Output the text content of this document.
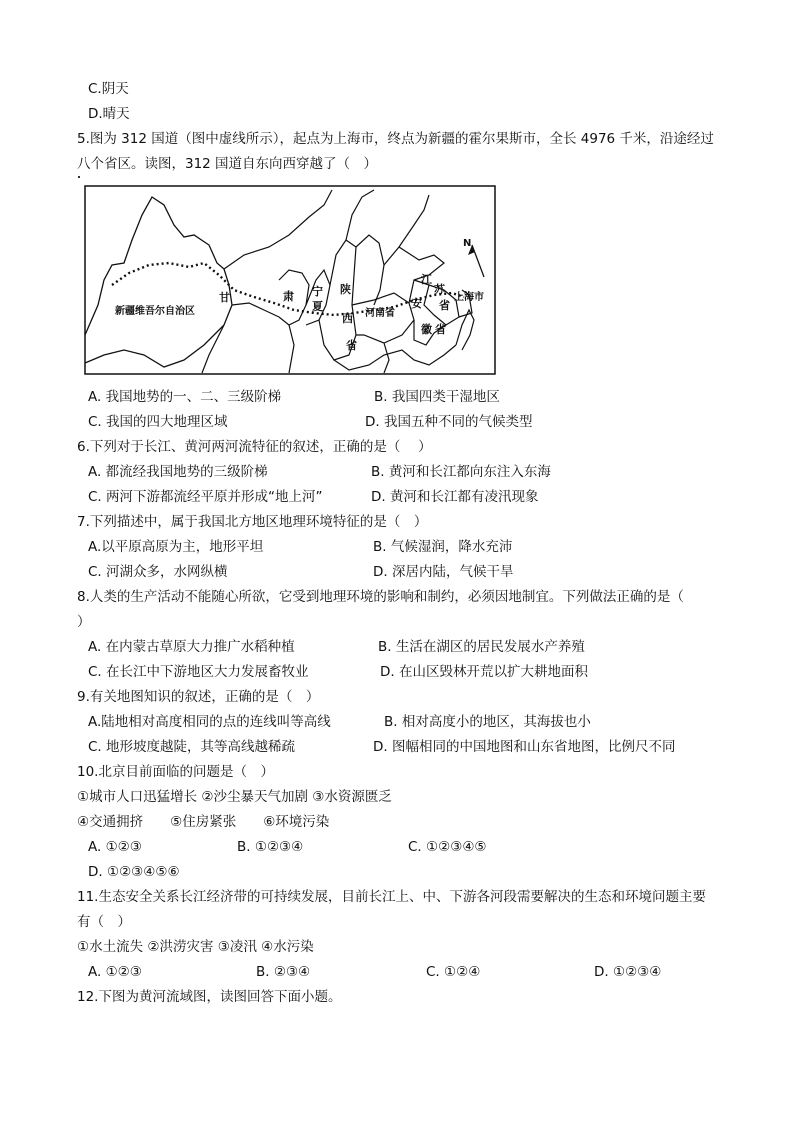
C.阴天
D.晴天
5.图为 312 国道（图中虚线所示），起点为上海市，终点为新疆的霍尔果斯市，全长 4976 千米，沿途经过
八个省区。读图，312 国道自东向西穿越了（　）
新疆维吾尔自治区
甘	肃 宁
夏
陕
西
省
河南省
江
苏
省
安
徽 省
上海市
N
A. 我国地势的一、二、三级阶梯	B. 我国四类干湿地区
C. 我国的四大地理区域	D. 我国五种不同的气候类型
6.下列对于长江、黄河两河流特征的叙述，正确的是（　 ）
A. 都流经我国地势的三级阶梯	B. 黄河和长江都向东注入东海
C. 两河下游都流经平原并形成“地上河”	D. 黄河和长江都有凌汛现象
7.下列描述中，属于我国北方地区地理环境特征的是（　）
A.以平原高原为主，地形平坦	B. 气候湿润，降水充沛
C. 河湖众多，水网纵横	D. 深居内陆，气候干旱
8.人类的生产活动不能随心所欲，它受到地理环境的影响和制约，必须因地制宜。下列做法正确的是（
）
A. 在内蒙古草原大力推广水稻种植	B. 生活在湖区的居民发展水产养殖
C. 在长江中下游地区大力发展畜牧业	D. 在山区毁林开荒以扩大耕地面积
9.有关地图知识的叙述，正确的是（　）
A.陆地相对高度相同的点的连线叫等高线	B. 相对高度小的地区，其海拔也小
C. 地形坡度越陡，其等高线越稀疏	D. 图幅相同的中国地图和山东省地图，比例尺不同
10.北京目前面临的问题是（　）
①城市人口迅猛增长 ②沙尘暴天气加剧 ③水资源匮乏
④交通拥挤　　⑤住房紧张　　⑥环境污染
A. ①②③	B. ①②③④	C. ①②③④⑤
D. ①②③④⑤⑥
11.生态安全关系长江经济带的可持续发展，目前长江上、中、下游各河段需要解决的生态和环境问题主要
有（　）
①水土流失 ②洪涝灾害 ③凌汛 ④水污染
A. ①②③	B. ②③④	C. ①②④	D. ①②③④
12.下图为黄河流域图，读图回答下面小题。
